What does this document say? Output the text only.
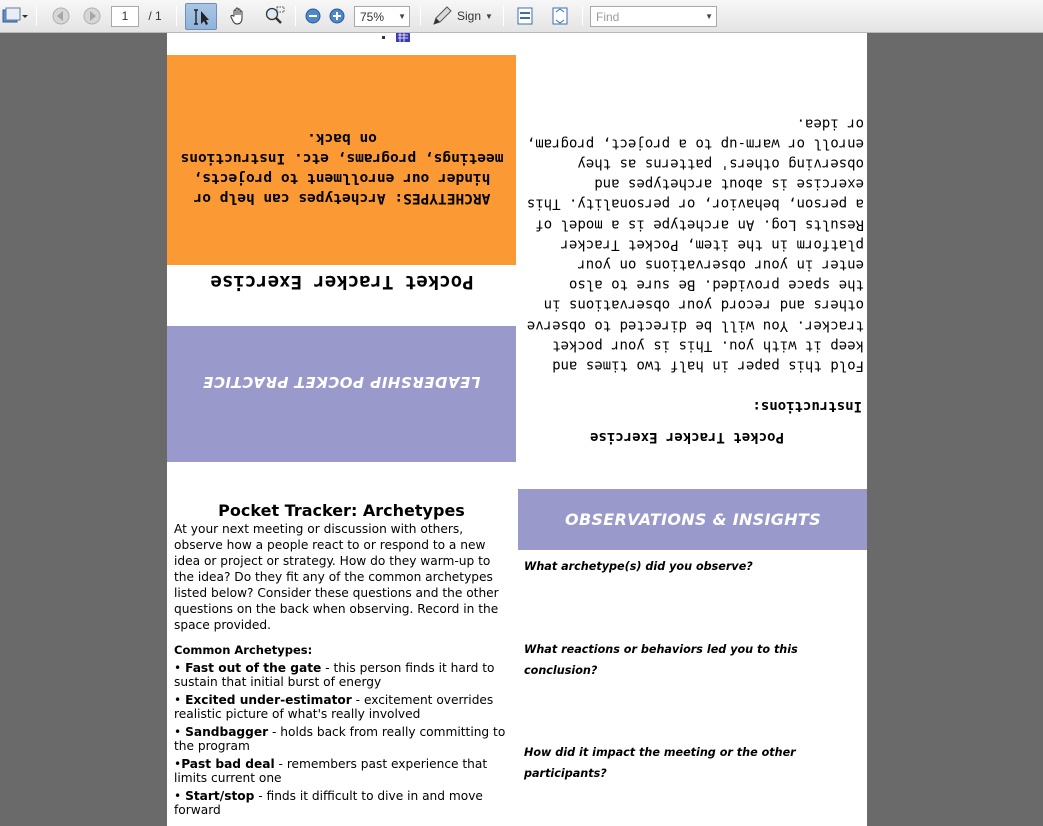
1	/ 1	75%	▼	Sign ▼	Find	▼
ARCHETYPES: Archetypes can help or hinder our enrollment to projects, meetings, programs, etc. Instructions on back.
Pocket Tracker Exercise
LEADERSHIP POCKET PRACTICE
Fold this paper in half two times and keep it with you. This is your pocket tracker. You will be directed to observe others and record your observations in the space provided. Be sure to also enter in your observations on your platform in the item, Pocket Tracker Results Log. An archetype is a model of a person, behavior, or personality. This exercise is about archetypes and observing others' patterns as they enroll or warm-up to a project, program, or idea.
Instructions:
Pocket Tracker Exercise
Pocket Tracker: Archetypes
At your next meeting or discussion with others, observe how a people react to or respond to a new idea or project or strategy. How do they warm-up to the idea? Do they fit any of the common archetypes listed below? Consider these questions and the other questions on the back when observing. Record in the space provided.
Common Archetypes:
• Fast out of the gate - this person finds it hard to sustain that initial burst of energy
• Excited under-estimator - excitement overrides realistic picture of what's really involved
• Sandbagger - holds back from really committing to the program
•Past bad deal - remembers past experience that limits current one
• Start/stop - finds it difficult to dive in and move forward
OBSERVATIONS & INSIGHTS
What archetype(s) did you observe?
What reactions or behaviors led you to this conclusion?
How did it impact the meeting or the other participants?
